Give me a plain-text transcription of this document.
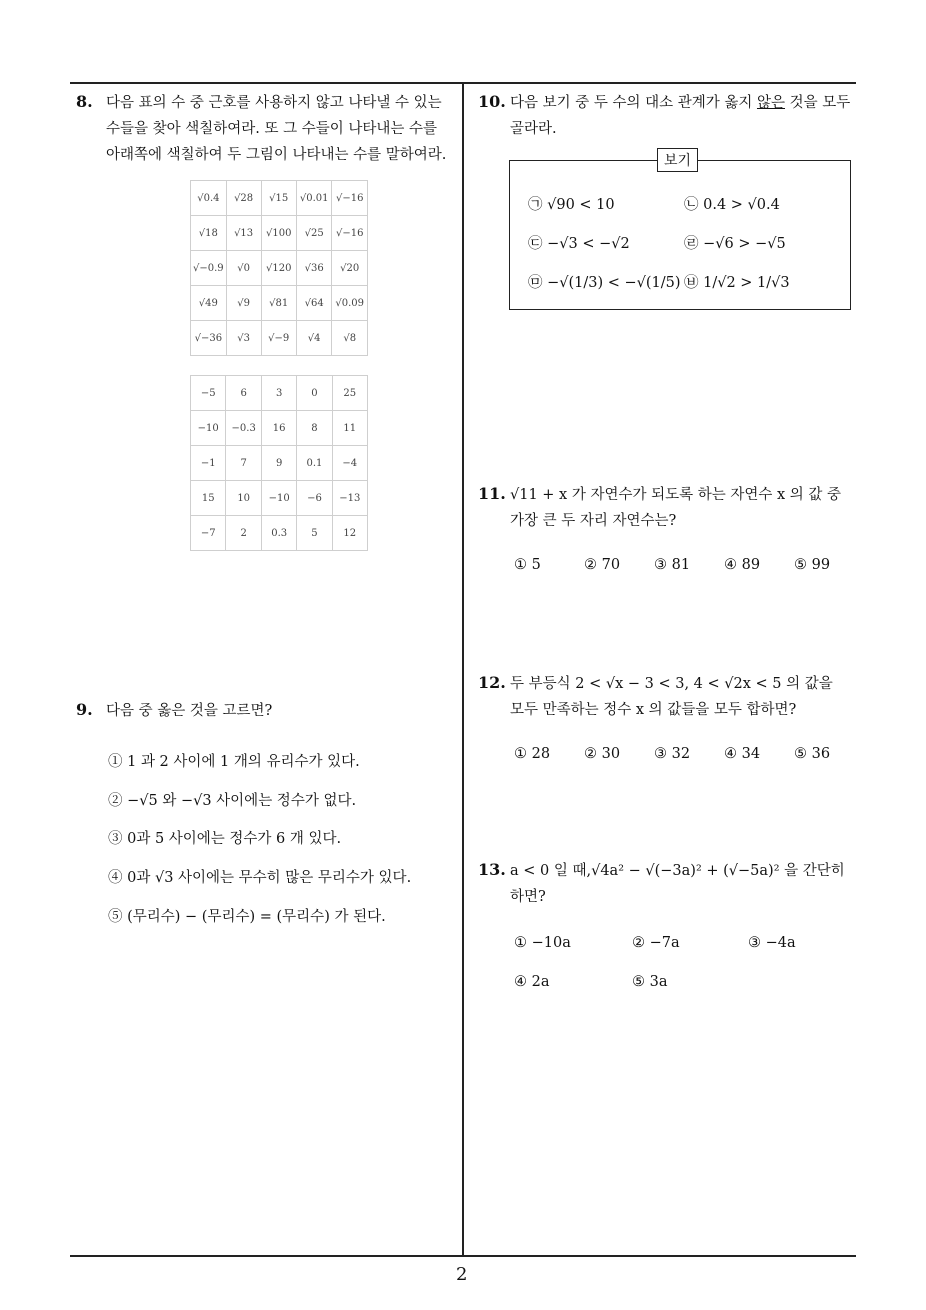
2
8. 다음 표의 수 중 근호를 사용하지 않고 나타낼 수 있는
수들을 찾아 색칠하여라. 또 그 수들이 나타내는 수를
아래쪽에 색칠하여 두 그림이 나타내는 수를 말하여라.
√0.4	√28	√15	√0.01	√−16
√18	√13	√100	√25	√−16
√−0.9	√0	√120	√36	√20
√49	√9	√81	√64	√0.09
√−36	√3	√−9	√4	√8
−5	6	3	0	25
−10	−0.3	16	8	11
−1	7	9	0.1	−4
15	10	−10	−6	−13
−7	2	0.3	5	12
9. 다음 중 옳은 것을 고르면?
① 1 과 2 사이에 1 개의 유리수가 있다.
② −√5 와 −√3 사이에는 정수가 없다.
③ 0과 5 사이에는 정수가 6 개 있다.
④ 0과 √3 사이에는 무수히 많은 무리수가 있다.
⑤ (무리수) − (무리수) = (무리수) 가 된다.
10. 다음 보기 중 두 수의 대소 관계가 옳지 않은 것을 모두
골라라.
보기
㉠ √90 < 10	㉡ 0.4 > √0.4
㉢ −√3 < −√2	㉣ −√6 > −√5
㉤ −√(1/3) < −√(1/5) ㉥ 1/√2 > 1/√3
11. √11 + x 가 자연수가 되도록 하는 자연수 x 의 값 중
가장 큰 두 자리 자연수는?
① 5	② 70 ③ 81 ④ 89 ⑤ 99
12. 두 부등식 2 < √x − 3 < 3, 4 < √2x < 5 의 값을
모두 만족하는 정수 x 의 값들을 모두 합하면?
① 28 ② 30 ③ 32 ④ 34 ⑤ 36
13. a < 0 일 때,√4a² − √(−3a)² + (√−5a)² 을 간단히
하면?
① −10a	② −7a	③ −4a
④ 2a	⑤ 3a
